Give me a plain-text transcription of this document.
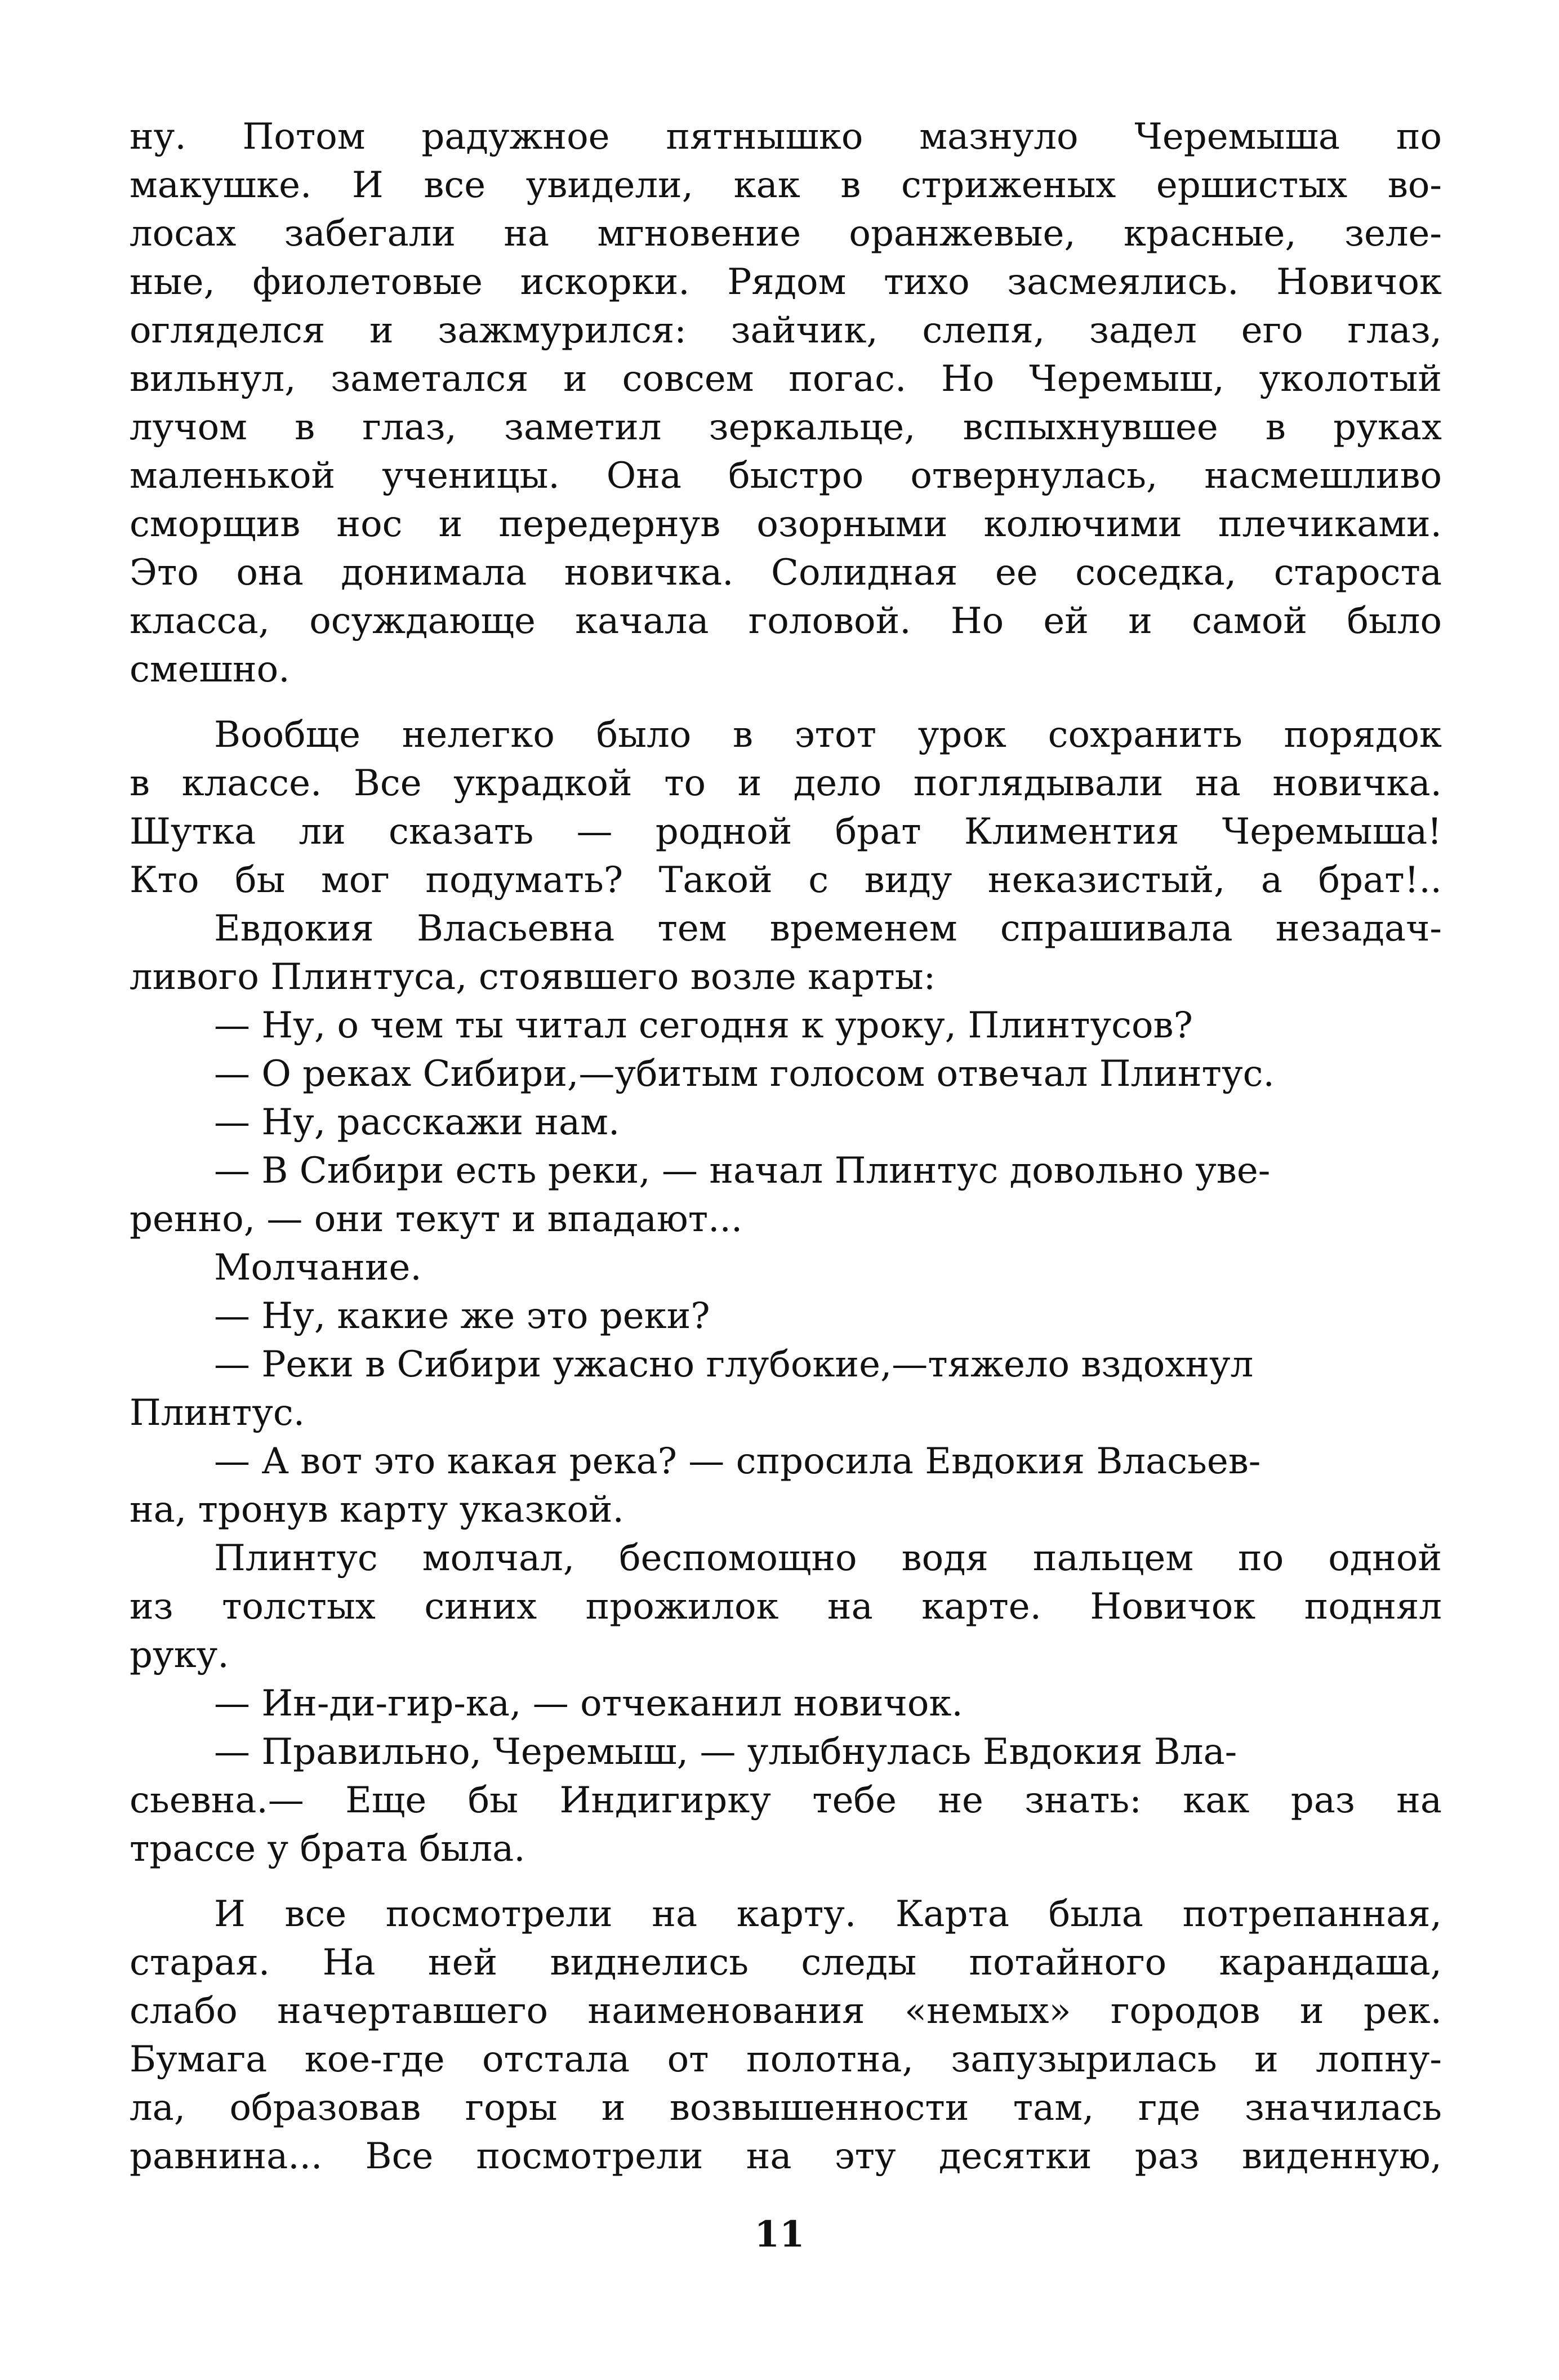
ну. Потом радужное пятнышко мазнуло Черемыша по
макушке. И все увидели, как в стриженых ершистых во-
лосах забегали на мгновение оранжевые, красные, зеле-
ные, фиолетовые искорки. Рядом тихо засмеялись. Новичок
огляделся и зажмурился: зайчик, слепя, задел его глаз,
вильнул, заметался и совсем погас. Но Черемыш, уколотый
лучом в глаз, заметил зеркальце, вспыхнувшее в руках
маленькой ученицы. Она быстро отвернулась, насмешливо
сморщив нос и передернув озорными колючими плечиками.
Это она донимала новичка. Солидная ее соседка, староста
класса, осуждающе качала головой. Но ей и самой было
смешно.
Вообще нелегко было в этот урок сохранить порядок
в классе. Все украдкой то и дело поглядывали на новичка.
Шутка ли сказать — родной брат Климентия Черемыша!
Кто бы мог подумать? Такой с виду неказистый, а брат!..
Евдокия Власьевна тем временем спрашивала незадач-
ливого Плинтуса, стоявшего возле карты:
— Ну, о чем ты читал сегодня к уроку, Плинтусов?
— О реках Сибири,—убитым голосом отвечал Плинтус.
— Ну, расскажи нам.
— В Сибири есть реки, — начал Плинтус довольно уве-
ренно, — они текут и впадают...
Молчание.
— Ну, какие же это реки?
— Реки в Сибири ужасно глубокие,—тяжело вздохнул
Плинтус.
— А вот это какая река? — спросила Евдокия Власьев-
на, тронув карту указкой.
Плинтус молчал, беспомощно водя пальцем по одной
из толстых синих прожилок на карте. Новичок поднял
руку.
— Ин-ди-гир-ка, — отчеканил новичок.
— Правильно, Черемыш, — улыбнулась Евдокия Вла-
сьевна.— Еще бы Индигирку тебе не знать: как раз на
трассе у брата была.
И все посмотрели на карту. Карта была потрепанная,
старая. На ней виднелись следы потайного карандаша,
слабо начертавшего наименования «немых» городов и рек.
Бумага кое-где отстала от полотна, запузырилась и лопну-
ла, образовав горы и возвышенности там, где значилась
равнина... Все посмотрели на эту десятки раз виденную,
11
